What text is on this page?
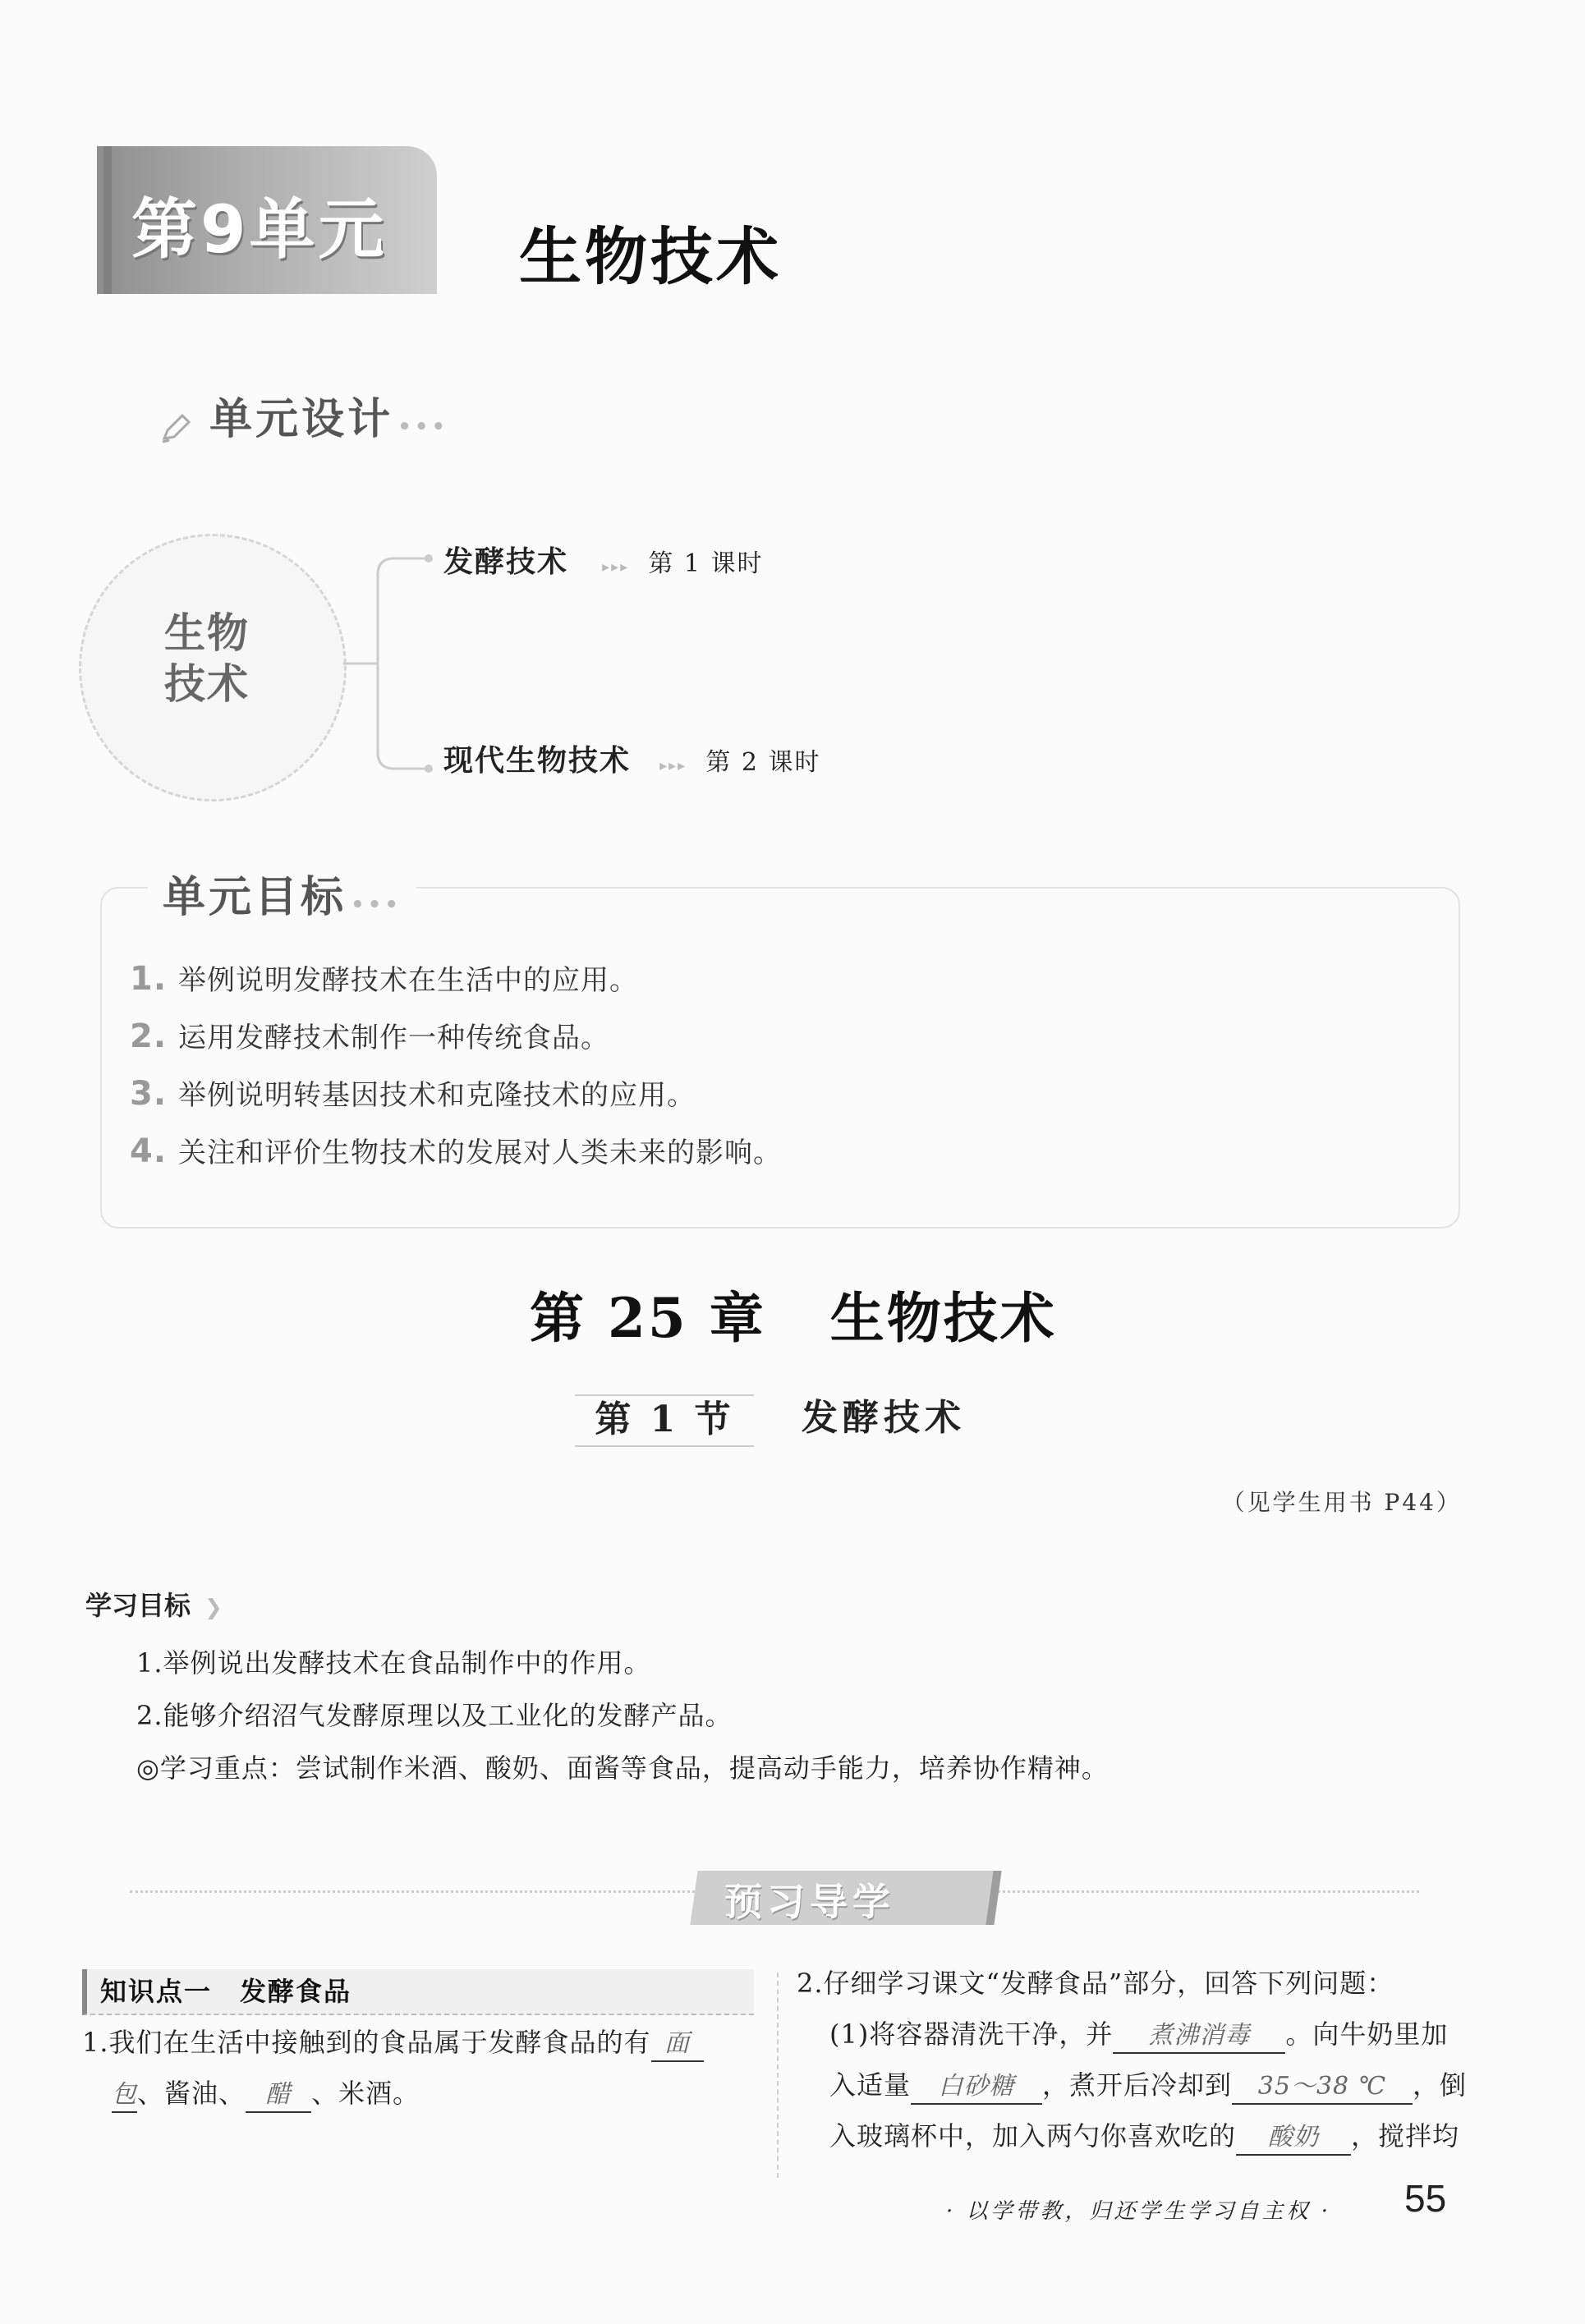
第9单元 生物技术
单元设计 •••
生物
技术
发酵技术 ▸▸▸ 第 1 课时
现代生物技术 ▸▸▸ 第 2 课时
单元目标 •••
1. 举例说明发酵技术在生活中的应用。
2. 运用发酵技术制作一种传统食品。
3. 举例说明转基因技术和克隆技术的应用。
4. 关注和评价生物技术的发展对人类未来的影响。
第 25 章   生物技术
第 1 节	发酵技术
（见学生用书 P44）
学习目标 ❯
1.举例说出发酵技术在食品制作中的作用。
2.能够介绍沼气发酵原理以及工业化的发酵产品。
◎学习重点：尝试制作米酒、酸奶、面酱等食品，提高动手能力，培养协作精神。
预习导学
知识点一　发酵食品
1.我们在生活中接触到的食品属于发酵食品的有 面
包、酱油、 醋 、米酒。
2.仔细学习课文“发酵食品”部分，回答下列问题：
(1)将容器清洗干净，并 煮沸消毒 。向牛奶里加
入适量 白砂糖 ，煮开后冷却到 35～38 ℃ ，倒
入玻璃杯中，加入两勺你喜欢吃的 酸奶 ，搅拌均
· 以学带教，归还学生学习自主权 · 55
